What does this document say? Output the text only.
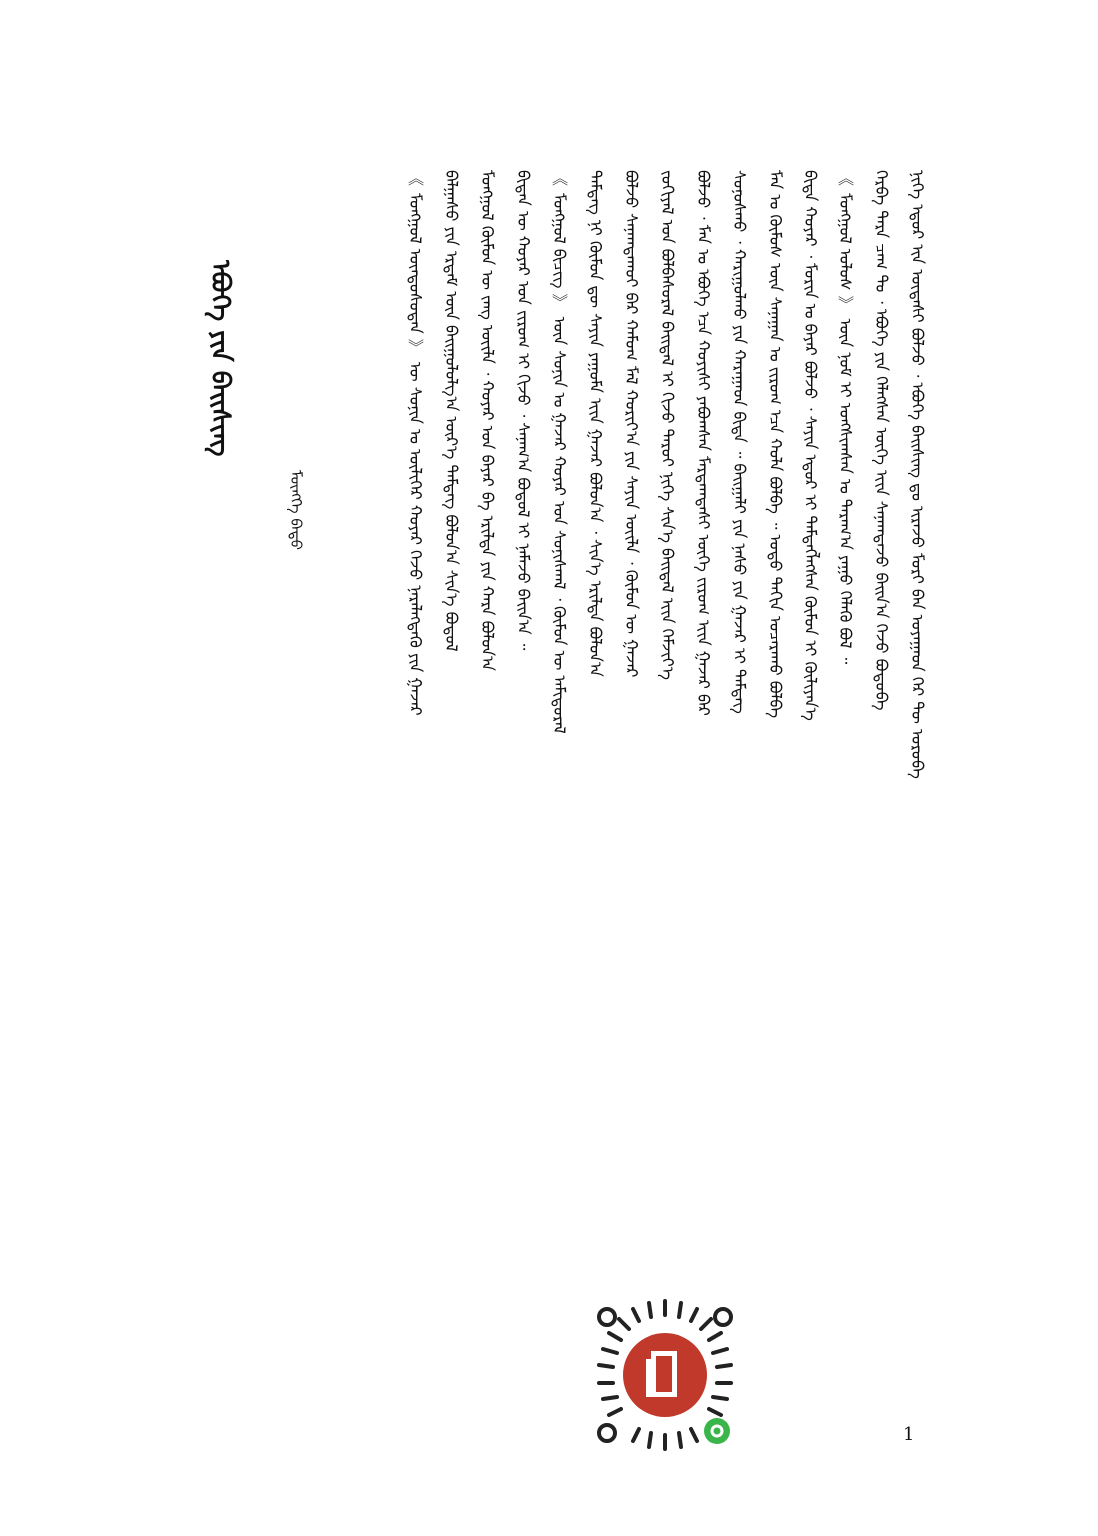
ᠡᠪᠦᠭᠡ ᠶᠢᠨ ᠪᠠᠢᠰᠢᠩ
ᠮᠥᠩᠬᠡ ᠪᠠᠲᠦ	ᠨᠢᠭᠡ ᠡᠳᠦᠷ ᠢᠨ ᠦᠳᠡᠰᠢ ᠪᠣᠯᠵᠤ ᠂ ᠡᠪᠦᠭᠡ ᠪᠠᠢᠰᠢᠩ ᠳᠤ ᠢᠷᠡᠵᠦ ᠮᠣᠷᠢ ᠪᠡᠨ ᠤᠶᠠᠭᠠᠳ ᠭᠡᠷ ᠲᠦ ᠣᠷᠣᠪᠠ
ᠬᠡᠷᠪᠡ ᠲᠡᠷᠡ ᠴᠠᠭ ᠲᠤ ᠂ ᠡᠪᠦᠭᠡ ᠶᠢᠨ ᠬᠡᠯᠡᠭᠰᠡᠨ ᠦᠭᠡ ᠢᠢᠨ ᠰᠠᠨᠠᠭᠳᠠᠵᠤ ᠪᠠᠢᠨ᠎ᠠ ᠭᠡᠵᠦ ᠪᠣᠳᠣᠪᠠ
《 ᠮᠣᠩᠭᠣᠯ ᠤᠯᠤᠰ 》 ᠦᠨ ᠨᠣᠮ ᠢ ᠤᠩᠰᠢᠭᠰᠠᠨ ᠤ ᠳᠠᠷᠠᠭ᠎ᠠ ᠶᠠᠭᠤ ᠬᠡᠯᠡᠬᠦ ᠪᠣᠯ ᠃
ᠪᠢᠳᠡ ᠬᠣᠶᠠᠷ ᠂ ᠮᠣᠷᠢᠨ ᠤ ᠪᠠᠶᠠᠷ ᠪᠣᠯᠵᠤ ᠂ ᠰᠠᠶᠢᠨ ᠡᠳᠦᠷ ᠢ ᠲᠡᠮᠳᠡᠭᠯᠡᠭᠰᠡᠨ ᠬᠦᠮᠦᠨ ᠢ ᠬᠦᠯᠢᠶᠡᠨ᠎ᠡ
ᠮᠠᠨ ᠤ ᠬᠦᠮᠦᠰ ᠦᠨ ᠰᠠᠨᠠᠭᠠᠨ ᠤ ᠵᠢᠷᠤᠭ ᠡᠴᠡ ᠬᠣᠯᠠ ᠪᠣᠯᠪᠠ ᠃ ᠣᠳᠣ ᠳᠠᠬᠢᠨ ᠤᠴᠠᠷᠠᠬᠤ ᠪᠣᠯᠪᠠ
ᠰᠣᠨᠣᠰᠬᠤ ᠂ ᠬᠠᠷᠢᠭᠤᠯᠬᠤ ᠶᠢᠨ ᠬᠠᠷᠠᠭᠠᠳ ᠪᠢᠳᠡ ᠃ ᠪᠠᠢᠭᠠᠯᠢ ᠶᠢᠨ ᠨᠠᠰᠤ ᠶᠢᠨ ᠭᠠᠵᠠᠷ ᠢ ᠲᠡᠮᠳᠡᠭ
ᠪᠣᠯᠵᠤ ᠂ ᠮᠠᠨ ᠤ ᠡᠪᠦᠭᠡ ᠡᠴᠡ ᠬᠣᠶᠢᠰᠢ ᠶᠠᠪᠤᠭᠰᠠᠨ ᠮᠠᠷᠲᠠᠭᠳᠠᠰᠢ ᠦᠭᠡ ᠵᠢᠷᠤᠭ ᠢᠢᠨ ᠭᠠᠵᠠᠷ ᠪᠠᠷ
ᠵᠣᠬᠢᠶᠠᠯ ᠤᠨ ᠪᠣᠯᠪᠠᠰᠤᠷᠠᠯ ᠪᠠᠢᠳᠠᠯ ᠢ ᠬᠢᠵᠦ ᠳᠠᠷᠤᠢ ᠨᠢᠭᠡ ᠰᠢᠨ᠎ᠡ ᠪᠠᠢᠳᠠᠯ ᠢᠢᠨ ᠬᠡᠮᠵᠢᠶ᠎ᠡ
ᠪᠣᠯᠵᠤ ᠰᠠᠨᠠᠭᠳᠠᠬᠤᠢ ᠪᠠᠷ ᠬᠠᠮᠤᠭ ᠮᠠᠯ ᠬᠣᠷᠢᠶ᠎ᠠ ᠶᠢᠨ ᠰᠠᠶᠢᠨ ᠦᠢᠯᠡ ᠂ ᠬᠦᠮᠦᠨ ᠦ ᠭᠠᠵᠠᠷ
ᠲᠡᠮᠳᠡᠭ ᠨᠢ ᠬᠦᠮᠦᠨ ᠳᠦ ᠰᠠᠶᠢᠨ ᠶᠠᠭᠤᠮᠠ ᠢᠢᠨ ᠭᠠᠵᠠᠷ ᠪᠣᠯᠤᠨ᠎ᠠ ᠂ ᠰᠢᠨ᠎ᠡ ᠡᠷᠢᠯᠲᠡ ᠪᠣᠯᠤᠨ᠎ᠠ
《 ᠮᠣᠩᠭᠣᠯ ᠪᠢᠴᠢᠭ 》 ᠦᠨ ᠰᠣᠨᠢᠨ ᠤ ᠭᠠᠵᠠᠷ ᠬᠣᠶᠠᠷ ᠤᠨ ᠰᠣᠨᠢᠰᠬᠠᠯ ᠂ ᠬᠦᠮᠦᠨ ᠦ ᠠᠮᠢᠳᠤᠷᠠᠯ
ᠪᠢᠳᠡᠨ ᠦ ᠬᠣᠶᠠᠷ ᠤᠨ ᠵᠢᠷᠤᠭ ᠢ ᠬᠢᠵᠦ ᠂ ᠰᠠᠨᠠᠭ᠎ᠠ ᠪᠣᠳᠣᠯ ᠢ ᠨᠡᠮᠡᠵᠦ ᠪᠠᠢᠨ᠎ᠠ ᠃
ᠮᠣᠩᠭᠣᠯ ᠬᠦᠮᠦᠨ ᠦ ᠵᠠᠩ ᠦᠢᠯᠡ ᠂ ᠬᠣᠶᠠᠷ ᠤᠨ ᠪᠠᠶᠠᠷ ᠪᠠ ᠡᠷᠢᠯᠲᠡ ᠶᠢᠨ ᠬᠠᠷᠠ ᠪᠣᠯᠤᠨ᠎ᠠ
ᠪᠠᠯᠭᠠᠰᠤ ᠶᠢᠨ ᠡᠷᠳᠡᠮ ᠦᠨ ᠪᠠᠢᠭᠤᠯᠤᠯᠭ᠎ᠠ ᠦᠷ᠎ᠡ ᠲᠡᠮᠳᠡᠭ ᠪᠣᠯᠤᠨ᠎ᠠ ᠰᠢᠨ᠎ᠡ ᠪᠣᠳᠣᠯ
《 ᠮᠣᠩᠭᠣᠯ ᠦᠨᠳᠦᠰᠦᠲᠡᠨ 》 ᠦ ᠰᠣᠨᠢᠨ ᠤ ᠦᠯᠢᠭᠡᠷ ᠬᠣᠶᠠᠷ ᠭᠡᠵᠦ ᠨᠡᠷᠡᠯᠡᠭᠳᠡᠬᠦ ᠶᠢᠨ ᠭᠠᠵᠠᠷ
1
